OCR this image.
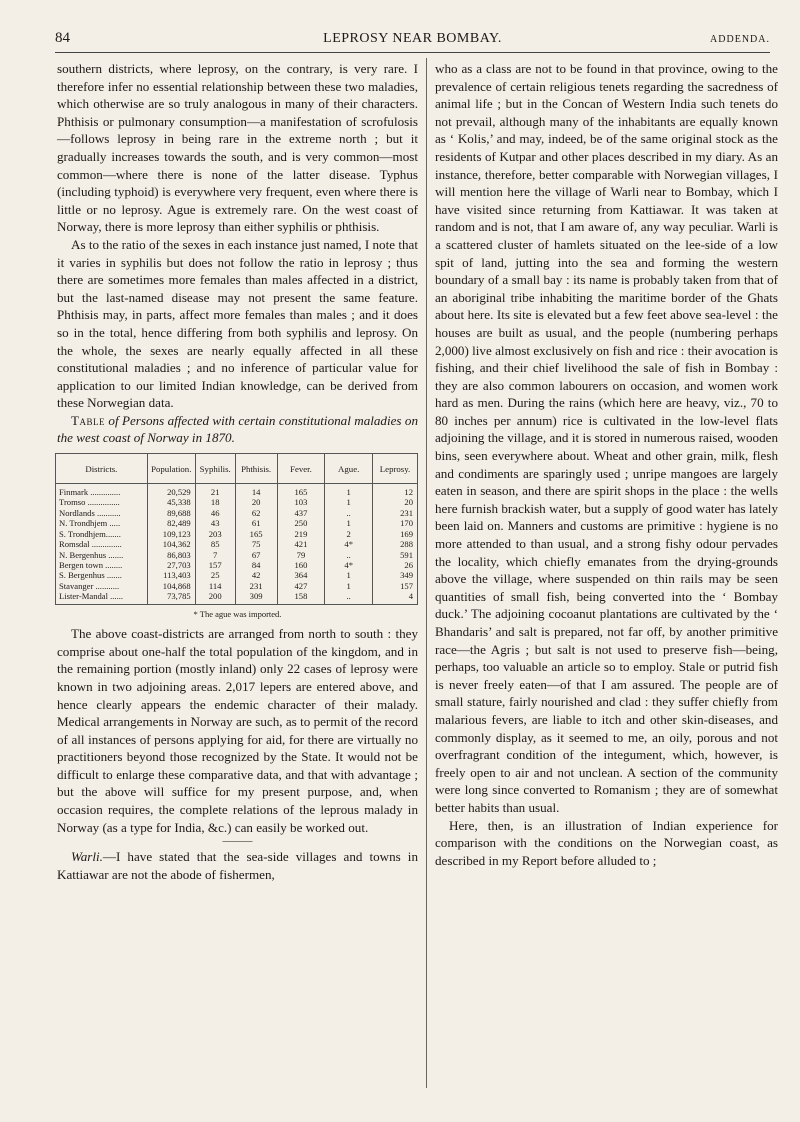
84	LEPROSY NEAR BOMBAY.	ADDENDA.

southern districts, where leprosy, on the contrary, is very rare. I therefore infer no essential relationship between these two maladies, which otherwise are so truly analogous in many of their characters. Phthisis or pulmonary consumption—a manifestation of scrofulosis—follows leprosy in being rare in the extreme north ; but it gradually increases towards the south, and is very common—most common—where there is none of the latter disease. Typhus (including typhoid) is everywhere very frequent, even where there is little or no leprosy. Ague is extremely rare. On the west coast of Norway, there is more leprosy than either syphilis or phthisis.

As to the ratio of the sexes in each instance just named, I note that it varies in syphilis but does not follow the ratio in leprosy ; thus there are sometimes more females than males affected in a district, but the last-named disease may not present the same feature. Phthisis may, in parts, affect more females than males ; and it does so in the total, hence differing from both syphilis and leprosy. On the whole, the sexes are nearly equally affected in all these constitutional maladies ; and no inference of particular value for application to our limited Indian knowledge, can be derived from these Norwegian data.

Table of Persons affected with certain constitutional maladies on the west coast of Norway in 1870.

Districts.	Population.	Syphilis.	Phthisis.	Fever.	Ague.	Leprosy.
Finmark ..............	20,529	21	14	165	1	12
Tromso ...............	45,338	18	20	103	1	20
Nordlands ...........	89,688	46	62	437	..	231
N. Trondhjem .....	82,489	43	61	250	1	170
S. Trondhjem.......	109,123	203	165	219	2	169
Romsdal ..............	104,362	85	75	421	4*	288
N. Bergenhus .......	86,803	7	67	79	..	591
Bergen town ........	27,703	157	84	160	4*	26
S. Bergenhus .......	113,403	25	42	364	1	349
Stavanger ...........	104,868	114	231	427	1	157
Lister-Mandal ......	73,785	200	309	158	..	4
* The ague was imported.

The above coast-districts are arranged from north to south : they comprise about one-half the total population of the kingdom, and in the remaining portion (mostly inland) only 22 cases of leprosy were known in two adjoining areas. 2,017 lepers are entered above, and hence clearly appears the endemic character of their malady. Medical arrangements in Norway are such, as to permit of the record of all instances of persons applying for aid, for there are virtually no practitioners beyond those recognized by the State. It would not be difficult to enlarge these comparative data, and that with advantage ; but the above will suffice for my present purpose, and, when occasion requires, the complete relations of the leprous malady in Norway (as a type for India, &c.) can easily be worked out.

———

Warli.—I have stated that the sea-side villages and towns in Kattiawar are not the abode of fishermen,

who as a class are not to be found in that province, owing to the prevalence of certain religious tenets regarding the sacredness of animal life ; but in the Concan of Western India such tenets do not prevail, although many of the inhabitants are equally known as ‘ Kolis,’ and may, indeed, be of the same original stock as the residents of Kutpar and other places described in my diary. As an instance, therefore, better comparable with Norwegian villages, I will mention here the village of Warli near to Bombay, which I have visited since returning from Kattiawar. It was taken at random and is not, that I am aware of, any way peculiar. Warli is a scattered cluster of hamlets situated on the lee-side of a low spit of land, jutting into the sea and forming the western boundary of a small bay : its name is probably taken from that of an aboriginal tribe inhabiting the maritime border of the Ghats about here. Its site is elevated but a few feet above sea-level : the houses are built as usual, and the people (numbering perhaps 2,000) live almost exclusively on fish and rice : their avocation is fishing, and their chief livelihood the sale of fish in Bombay : they are also common labourers on occasion, and women work hard as men. During the rains (which here are heavy, viz., 70 to 80 inches per annum) rice is cultivated in the low-level flats adjoining the village, and it is stored in numerous raised, wooden bins, seen everywhere about. Wheat and other grain, milk, flesh and condiments are sparingly used ; unripe mangoes are largely eaten in season, and there are spirit shops in the place : the wells here furnish brackish water, but a supply of good water has lately been laid on. Manners and customs are primitive : hygiene is no more attended to than usual, and a strong fishy odour pervades the locality, which chiefly emanates from the drying-grounds above the village, where suspended on thin rails may be seen quantities of small fish, being converted into the ‘ Bombay duck.’ The adjoining cocoanut plantations are cultivated by the ‘ Bhandaris’ and salt is prepared, not far off, by another primitive race—the Agris ; but salt is not used to preserve fish—being, perhaps, too valuable an article so to employ. Stale or putrid fish is never freely eaten—of that I am assured. The people are of small stature, fairly nourished and clad : they suffer chiefly from malarious fevers, are liable to itch and other skin-diseases, and commonly display, as it seemed to me, an oily, porous and not overfragrant condition of the integument, which, however, is freely open to air and not unclean. A section of the community were long since converted to Romanism ; they are of somewhat better habits than usual.

Here, then, is an illustration of Indian experience for comparison with the conditions on the Norwegian coast, as described in my Report before alluded to ;
